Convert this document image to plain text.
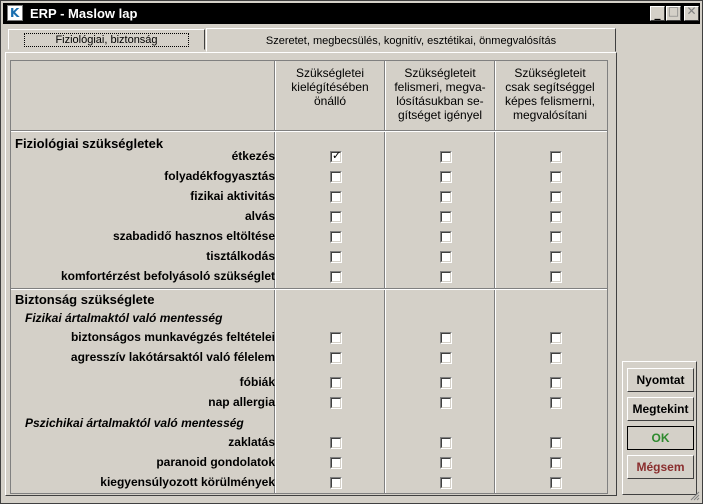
K ERP - Maslow lap	_ □ ✕
Szeretet, megbecsülés, kognitív, esztétikai, önmegvalósítás
Fiziológiai, biztonság
Szükségletei
kielégítésében
önálló
Szükségleteit
felismeri, megva-
lósításukban se-
gítséget igényel
Szükségleteit
csak segítséggel
képes felismerni,
megvalósítani
Fiziológiai szükségletek
étkezés	✓
folyadékfogyasztás
fizikai aktivitás
alvás
szabadidő hasznos eltöltése
tisztálkodás
komfortérzést befolyásoló szükséglet
Biztonság szükséglete
Fizikai ártalmaktól való mentesség
biztonságos munkavégzés feltételei
agresszív lakótársaktól való félelem
fóbiák
nap allergia
Pszichikai ártalmaktól való mentesség
zaklatás
paranoid gondolatok
kiegyensúlyozott körülmények
Nyomtat
Megtekint
OK
Mégsem
